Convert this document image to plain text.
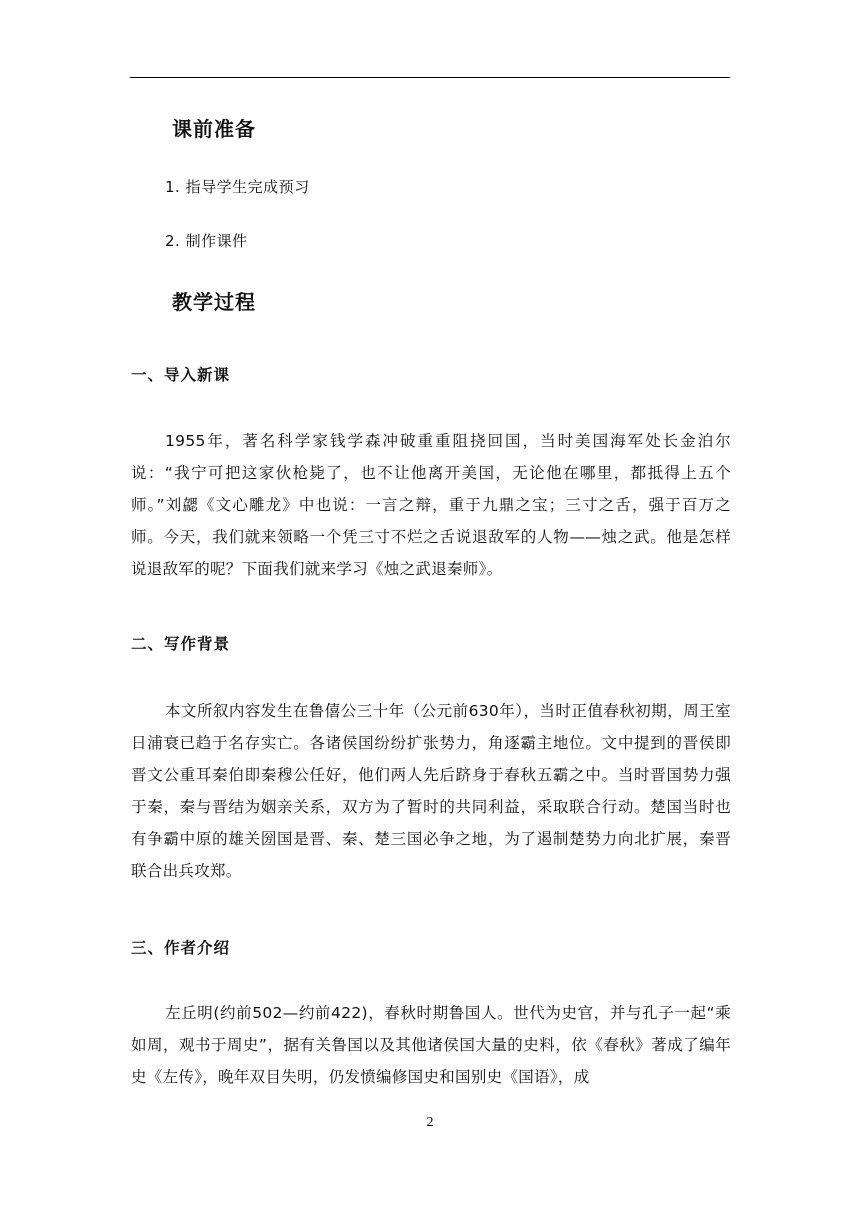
课前准备

1. 指导学生完成预习

2. 制作课件

教学过程
一、导入新课

1955年，著名科学家钱学森冲破重重阻挠回国，当时美国海军处长金泊尔说：“我宁可把这家伙枪毙了，也不让他离开美国，无论他在哪里，都抵得上五个师。”刘勰《文心雕龙》中也说：一言之辩，重于九鼎之宝；三寸之舌，强于百万之师。今天，我们就来领略一个凭三寸不烂之舌说退敌军的人物——烛之武。他是怎样说退敌军的呢？下面我们就来学习《烛之武退秦师》。

二、写作背景

本文所叙内容发生在鲁僖公三十年（公元前630年），当时正值春秋初期，周王室日浦衰已趋于名存实亡。各诸侯国纷纷扩张势力，角逐霸主地位。文中提到的晋侯即晋文公重耳秦伯即秦穆公任好，他们两人先后跻身于春秋五霸之中。当时晋国势力强于秦，秦与晋结为姻亲关系，双方为了暂时的共同利益，采取联合行动。楚国当时也有争霸中原的雄关圀国是晋、秦、楚三国必争之地，为了遏制楚势力向北扩展，秦晋联合出兵攻郑。

三、作者介绍

左丘明(约前502—约前422)，春秋时期鲁国人。世代为史官，并与孔子一起“乘如周，观书于周史”，据有关鲁国以及其他诸侯国大量的史料，依《春秋》著成了编年史《左传》，晚年双目失明，仍发愤编修国史和国别史《国语》，成

2
